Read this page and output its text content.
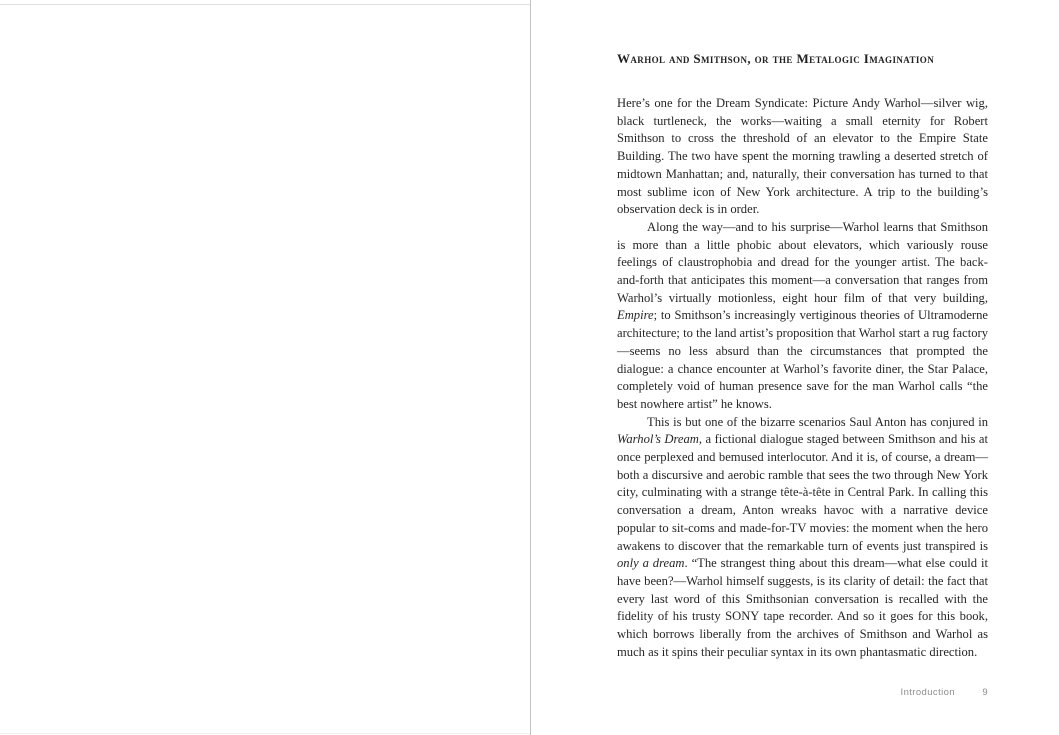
Warhol and Smithson, or the Metalogic Imagination

Here’s one for the Dream Syndicate: Picture Andy Warhol—silver wig, black turtleneck, the works—waiting a small eternity for Robert Smithson to cross the threshold of an elevator to the Empire State Building. The two have spent the morning trawling a deserted stretch of midtown Manhattan; and, naturally, their conversation has turned to that most sublime icon of New York architecture. A trip to the building’s observation deck is in order.

Along the way—and to his surprise—Warhol learns that Smithson is more than a little phobic about elevators, which variously rouse feelings of claustrophobia and dread for the younger artist. The back-and-forth that anticipates this moment—a conversation that ranges from Warhol’s virtually motionless, eight hour film of that very building, Empire; to Smithson’s increasingly vertiginous theories of Ultramoderne architecture; to the land artist’s proposition that Warhol start a rug factory—seems no less absurd than the circumstances that prompted the dialogue: a chance encounter at Warhol’s favorite diner, the Star Palace, completely void of human presence save for the man Warhol calls “the best nowhere artist” he knows.

This is but one of the bizarre scenarios Saul Anton has conjured in Warhol’s Dream, a fictional dialogue staged between Smithson and his at once perplexed and bemused interlocutor. And it is, of course, a dream—both a discursive and aerobic ramble that sees the two through New York city, culminating with a strange tête-à-tête in Central Park. In calling this conversation a dream, Anton wreaks havoc with a narrative device popular to sit-coms and made-for-TV movies: the moment when the hero awakens to discover that the remarkable turn of events just transpired is only a dream. “The strangest thing about this dream—what else could it have been?—Warhol himself suggests, is its clarity of detail: the fact that every last word of this Smithsonian conversation is recalled with the fidelity of his trusty SONY tape recorder. And so it goes for this book, which borrows liberally from the archives of Smithson and Warhol as much as it spins their peculiar syntax in its own phantasmatic direction.

Introduction	9
